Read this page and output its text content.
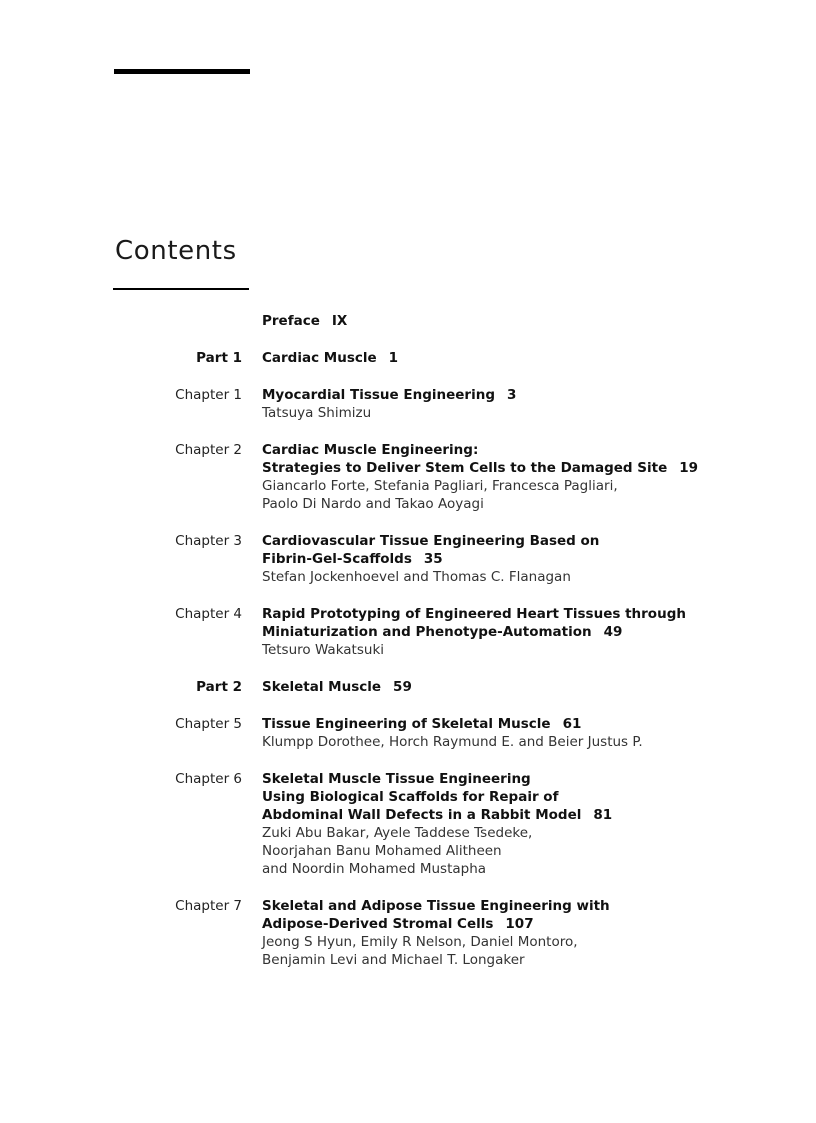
Contents
Preface IX
Part 1 Cardiac Muscle 1
Chapter 1 Myocardial Tissue Engineering 3
Tatsuya Shimizu
Chapter 2 Cardiac Muscle Engineering:
Strategies to Deliver Stem Cells to the Damaged Site 19
Giancarlo Forte, Stefania Pagliari, Francesca Pagliari,
Paolo Di Nardo and Takao Aoyagi
Chapter 3 Cardiovascular Tissue Engineering Based on
Fibrin-Gel-Scaffolds 35
Stefan Jockenhoevel and Thomas C. Flanagan
Chapter 4 Rapid Prototyping of Engineered Heart Tissues through
Miniaturization and Phenotype-Automation 49
Tetsuro Wakatsuki
Part 2 Skeletal Muscle 59
Chapter 5 Tissue Engineering of Skeletal Muscle 61
Klumpp Dorothee, Horch Raymund E. and Beier Justus P.
Chapter 6 Skeletal Muscle Tissue Engineering
Using Biological Scaffolds for Repair of
Abdominal Wall Defects in a Rabbit Model 81
Zuki Abu Bakar, Ayele Taddese Tsedeke,
Noorjahan Banu Mohamed Alitheen
and Noordin Mohamed Mustapha
Chapter 7 Skeletal and Adipose Tissue Engineering with
Adipose-Derived Stromal Cells 107
Jeong S Hyun, Emily R Nelson, Daniel Montoro,
Benjamin Levi and Michael T. Longaker
